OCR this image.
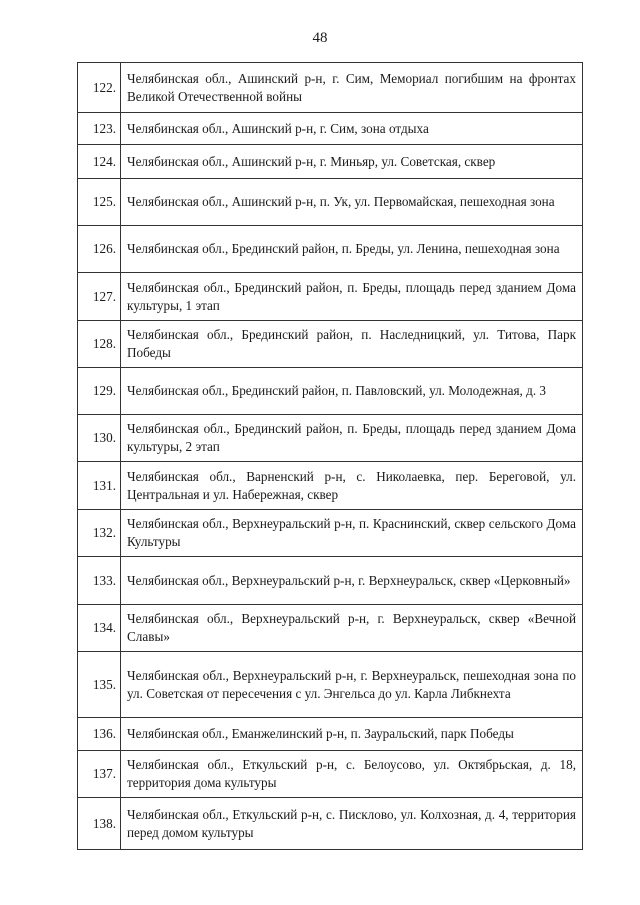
48
122.	Челябинская обл., Ашинский р-н, г. Сим, Мемориал погибшим на фронтах Великой Отечественной войны
123.	Челябинская обл., Ашинский р-н, г. Сим, зона отдыха
124.	Челябинская обл., Ашинский р-н, г. Миньяр, ул. Советская, сквер
125.	Челябинская обл., Ашинский р-н, п. Ук, ул. Первомайская, пешеходная зона
126.	Челябинская обл., Брединский район, п. Бреды, ул. Ленина, пешеходная зона
127.	Челябинская обл., Брединский район, п. Бреды, площадь перед зданием Дома культуры, 1 этап
128.	Челябинская обл., Брединский район, п. Наследницкий, ул. Титова, Парк Победы
129.	Челябинская обл., Брединский район, п. Павловский, ул. Молодежная, д. 3
130.	Челябинская обл., Брединский район, п. Бреды, площадь перед зданием Дома культуры, 2 этап
131.	Челябинская обл., Варненский р-н, с. Николаевка, пер. Береговой, ул. Центральная и ул. Набережная, сквер
132.	Челябинская обл., Верхнеуральский р-н, п. Краснинский, сквер сельского Дома Культуры
133.	Челябинская обл., Верхнеуральский р-н, г. Верхнеуральск, сквер «Церковный»
134.	Челябинская обл., Верхнеуральский р-н, г. Верхнеуральск, сквер «Вечной Славы»
135.	Челябинская обл., Верхнеуральский р-н, г. Верхнеуральск, пешеходная зона по ул. Советская от пересечения с ул. Энгельса до ул. Карла Либкнехта
136.	Челябинская обл., Еманжелинский р-н, п. Зауральский, парк Победы
137.	Челябинская обл., Еткульский р-н, с. Белоусово, ул. Октябрьская, д. 18, территория дома культуры
138.	Челябинская обл., Еткульский р-н, с. Писклово, ул. Колхозная, д. 4, территория перед домом культуры
